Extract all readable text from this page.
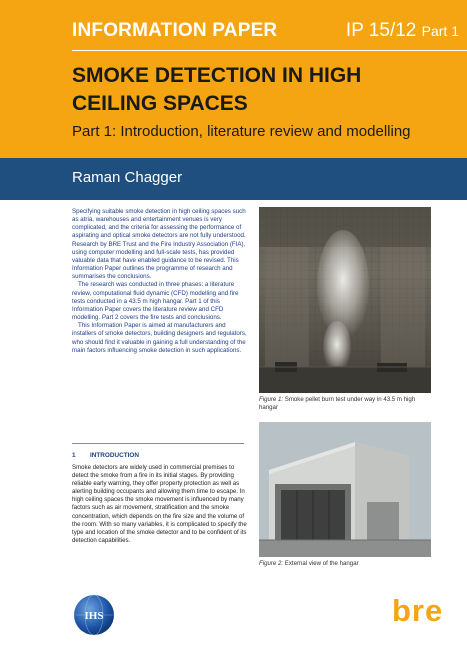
INFORMATION PAPER	IP 15/12 Part 1
SMOKE DETECTION IN HIGH CEILING SPACES
Part 1: Introduction, literature review and modelling
Raman Chagger

Specifying suitable smoke detection in high ceiling spaces such as atria, warehouses and entertainment venues is very complicated, and the criteria for assessing the performance of aspirating and optical smoke detectors are not fully understood. Research by BRE Trust and the Fire Industry Association (FIA), using computer modelling and full-scale tests, has provided valuable data that have enabled guidance to be revised. This Information Paper outlines the programme of research and summarises the conclusions.

The research was conducted in three phases: a literature review, computational fluid dynamic (CFD) modelling and fire tests conducted in a 43.5 m high hangar. Part 1 of this Information Paper covers the literature review and CFD modelling. Part 2 covers the fire tests and conclusions.

This Information Paper is aimed at manufacturers and installers of smoke detectors, building designers and regulators, who should find it valuable in gaining a full understanding of the main factors influencing smoke detection in such applications.

1 INTRODUCTION

Smoke detectors are widely used in commercial premises to detect the smoke from a fire in its initial stages. By providing reliable early warning, they offer property protection as well as alerting building occupants and allowing them time to escape. In high ceiling spaces the smoke movement is influenced by many factors such as air movement, stratification and the smoke concentration, which depends on the fire size and the volume of the room. With so many variables, it is complicated to specify the type and location of the smoke detector and to be confident of its detection capabilities.

Figure 1: Smoke pellet burn test under way in 43.5 m high hangar
Figure 2: External view of the hangar
IHS	bre
